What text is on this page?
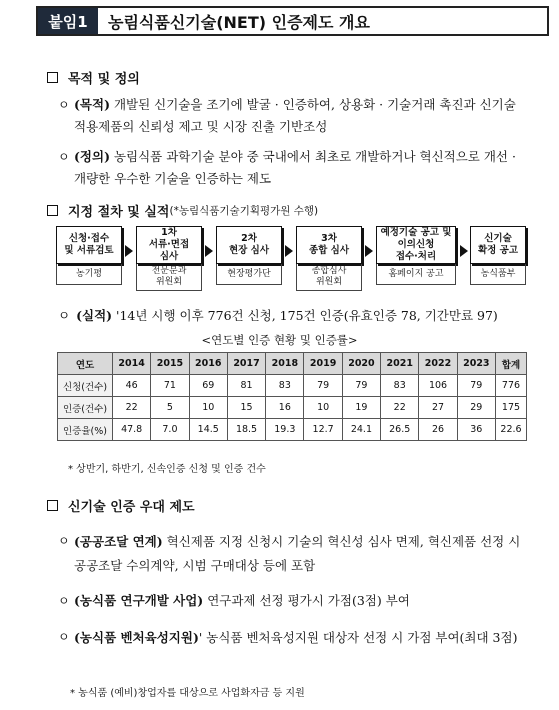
붙임1	농림식품신기술(NET) 인증제도 개요
목적 및 정의
ㅇ (목적) 개발된 신기술을 조기에 발굴 · 인증하여, 상용화 · 기술거래 촉진과 신기술 적용제품의 신뢰성 제고 및 시장 진출 기반조성
ㅇ (정의) 농림식품 과학기술 분야 중 국내에서 최초로 개발하거나 혁신적으로 개선 · 개량한 우수한 기술을 인증하는 제도
지정 절차 및 실적 (*농림식품기술기획평가원 수행)
신청·접수
및 서류검토
농기평
1차
서류·면접
심사
전문분과
위원회
2차
현장 심사
현장평가단
3차
종합 심사
종합심사
위원회
예정기술 공고 및
이의신청
접수·처리
홈페이지 공고
신기술
확정 공고
농식품부
ㅇ (실적) '14년 시행 이후 776건 신청, 175건 인증(유효인증 78, 기간만료 97)
<연도별 인증 현황 및 인증률>
연도	2014	2015	2016	2017	2018	2019	2020	2021	2022	2023	합계
신청(건수)	46	71	69	81	83	79	79	83	106	79	776
인증(건수)	22	5	10	15	16	10	19	22	27	29	175
인증율(%)	47.8	7.0	14.5	18.5	19.3	12.7	24.1	26.5	26	36	22.6
* 상반기, 하반기, 신속인증 신청 및 인증 건수
신기술 인증 우대 제도
ㅇ (공공조달 연계) 혁신제품 지정 신청시 기술의 혁신성 심사 면제, 혁신제품 선정 시 공공조달 수의계약, 시범 구매대상 등에 포함
ㅇ (농식품 연구개발 사업) 연구과제 선정 평가시 가점(3점) 부여
ㅇ (농식품 벤처육성지원)' 농식품 벤처육성지원 대상자 선정 시 가점 부여(최대 3점)
* 농식품 (예비)창업자를 대상으로 사업화자금 등 지원
